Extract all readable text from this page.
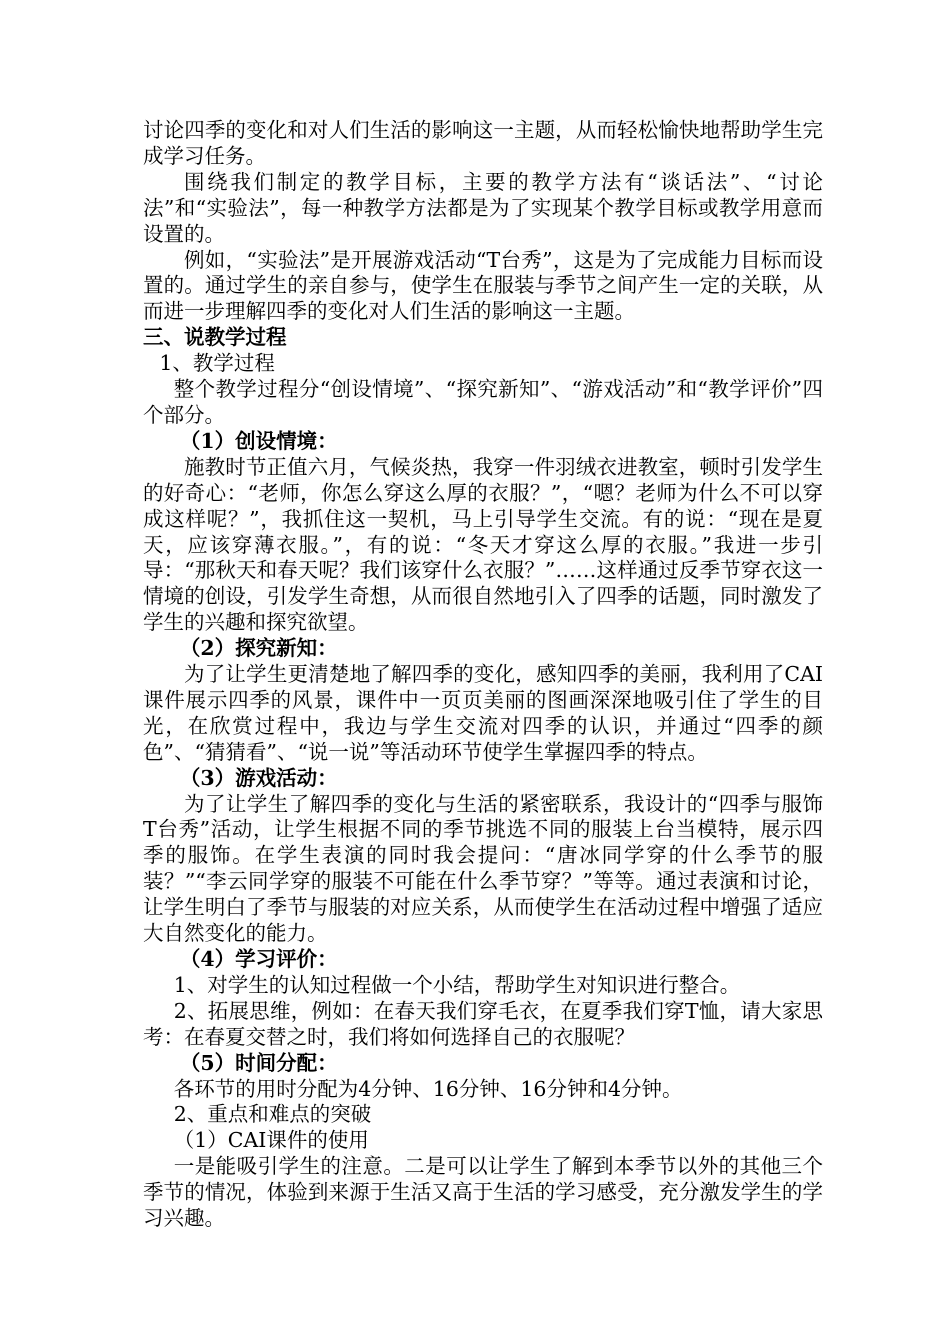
讨论四季的变化和对人们生活的影响这一主题，从而轻松愉快地帮助学生完成学习任务。

围绕我们制定的教学目标，主要的教学方法有“谈话法”、“讨论法”和“实验法”，每一种教学方法都是为了实现某个教学目标或教学用意而设置的。

例如，“实验法”是开展游戏活动“T台秀”，这是为了完成能力目标而设置的。通过学生的亲自参与，使学生在服装与季节之间产生一定的关联，从而进一步理解四季的变化对人们生活的影响这一主题。

三、说教学过程

1、教学过程

整个教学过程分“创设情境”、“探究新知”、“游戏活动”和“教学评价”四个部分。

（1）创设情境：

施教时节正值六月，气候炎热，我穿一件羽绒衣进教室，顿时引发学生的好奇心：“老师，你怎么穿这么厚的衣服？”，“嗯？老师为什么不可以穿成这样呢？”，我抓住这一契机，马上引导学生交流。有的说：“现在是夏天，应该穿薄衣服。”，有的说：“冬天才穿这么厚的衣服。”我进一步引导：“那秋天和春天呢？我们该穿什么衣服？”……这样通过反季节穿衣这一情境的创设，引发学生奇想，从而很自然地引入了四季的话题，同时激发了学生的兴趣和探究欲望。

（2）探究新知：

为了让学生更清楚地了解四季的变化，感知四季的美丽，我利用了CAI课件展示四季的风景，课件中一页页美丽的图画深深地吸引住了学生的目光，在欣赏过程中，我边与学生交流对四季的认识，并通过“四季的颜色”、“猜猜看”、“说一说”等活动环节使学生掌握四季的特点。

（3）游戏活动：

为了让学生了解四季的变化与生活的紧密联系，我设计的“四季与服饰T台秀”活动，让学生根据不同的季节挑选不同的服装上台当模特，展示四季的服饰。在学生表演的同时我会提问：“唐冰同学穿的什么季节的服装？”“李云同学穿的服装不可能在什么季节穿？”等等。通过表演和讨论，让学生明白了季节与服装的对应关系，从而使学生在活动过程中增强了适应大自然变化的能力。

（4）学习评价：

1、对学生的认知过程做一个小结，帮助学生对知识进行整合。

2、拓展思维，例如：在春天我们穿毛衣，在夏季我们穿T恤，请大家思考：在春夏交替之时，我们将如何选择自己的衣服呢？

（5）时间分配：

各环节的用时分配为4分钟、16分钟、16分钟和4分钟。

2、重点和难点的突破

（1）CAI课件的使用

一是能吸引学生的注意。二是可以让学生了解到本季节以外的其他三个季节的情况，体验到来源于生活又高于生活的学习感受，充分激发学生的学习兴趣。
